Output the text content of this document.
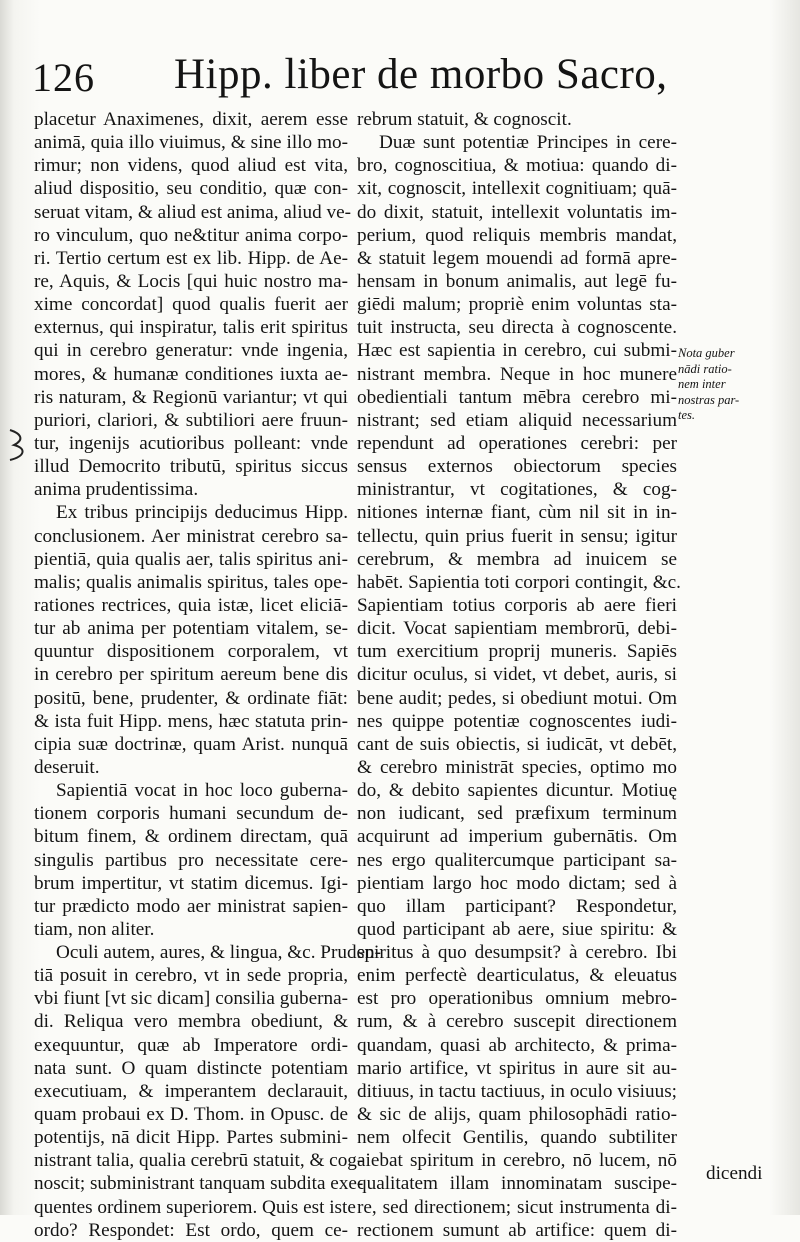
126 Hipp. liber de morbo Sacro,
placetur Anaximenes, dixit, aerem esse
animā, quia illo viuimus, & sine illo mo-
rimur; non videns, quod aliud est vita,
aliud dispositio, seu conditio, quæ con-
seruat vitam, & aliud est anima, aliud ve-
ro vinculum, quo ne&titur anima corpo-
ri. Tertio certum est ex lib. Hipp. de Ae-
re, Aquis, & Locis [qui huic nostro ma-
xime concordat] quod qualis fuerit aer
externus, qui inspiratur, talis erit spiritus
qui in cerebro generatur: vnde ingenia,
mores, & humanæ conditiones iuxta ae-
ris naturam, & Regionū variantur; vt qui
puriori, clariori, & subtiliori aere fruun-
tur, ingenijs acutioribus polleant: vnde
illud Democrito tributū, spiritus siccus
anima prudentissima.
Ex tribus principijs deducimus Hipp.
conclusionem. Aer ministrat cerebro sa-
pientiā, quia qualis aer, talis spiritus ani-
malis; qualis animalis spiritus, tales ope-
rationes rectrices, quia istæ, licet eliciā-
tur ab anima per potentiam vitalem, se-
quuntur dispositionem corporalem, vt
in cerebro per spiritum aereum bene dis
positū, bene, prudenter, & ordinate fiāt:
& ista fuit Hipp. mens, hæc statuta prin-
cipia suæ doctrinæ, quam Arist. nunquā
deseruit.
Sapientiā vocat in hoc loco guberna-
tionem corporis humani secundum de-
bitum finem, & ordinem directam, quā
singulis partibus pro necessitate cere-
brum impertitur, vt statim dicemus. Igi-
tur prædicto modo aer ministrat sapien-
tiam, non aliter.
Oculi autem, aures, & lingua, &c. Pruden-
tiā posuit in cerebro, vt in sede propria,
vbi fiunt [vt sic dicam] consilia guberna-
di. Reliqua vero membra obediunt, &
exequuntur, quæ ab Imperatore ordi-
nata sunt. O quam distincte potentiam
executiuam, & imperantem declarauit,
quam probaui ex D. Thom. in Opusc. de
potentijs, nā dicit Hipp. Partes submini-
nistrant talia, qualia cerebrū statuit, & cog-
noscit; subministrant tanquam subdita exe-
quentes ordinem superiorem. Quis est iste
ordo? Respondet: Est ordo, quem ce-
rebrum statuit, & cognoscit.
Duæ sunt potentiæ Principes in cere-
bro, cognoscitiua, & motiua: quando di-
xit, cognoscit, intellexit cognitiuam; quā-
do dixit, statuit, intellexit voluntatis im-
perium, quod reliquis membris mandat,
& statuit legem mouendi ad formā apre-
hensam in bonum animalis, aut legē fu-
giēdi malum; propriè enim voluntas sta-
tuit instructa, seu directa à cognoscente.
Hæc est sapientia in cerebro, cui submi-
nistrant membra. Neque in hoc munere
obedientiali tantum mēbra cerebro mi-
nistrant; sed etiam aliquid necessarium
rependunt ad operationes cerebri: per
sensus externos obiectorum species
ministrantur, vt cogitationes, & cog-
nitiones internæ fiant, cùm nil sit in in-
tellectu, quin prius fuerit in sensu; igitur
cerebrum, & membra ad inuicem se
habēt. Sapientia toti corpori contingit, &c.
Sapientiam totius corporis ab aere fieri
dicit. Vocat sapientiam membrorū, debi-
tum exercitium proprij muneris. Sapiēs
dicitur oculus, si videt, vt debet, auris, si
bene audit; pedes, si obediunt motui. Om
nes quippe potentiæ cognoscentes iudi-
cant de suis obiectis, si iudicāt, vt debēt,
& cerebro ministrāt species, optimo mo
do, & debito sapientes dicuntur. Motiuę
non iudicant, sed præfixum terminum
acquirunt ad imperium gubernātis. Om
nes ergo qualitercumque participant sa-
pientiam largo hoc modo dictam; sed à
quo illam participant? Respondetur,
quod participant ab aere, siue spiritu: &
spiritus à quo desumpsit? à cerebro. Ibi
enim perfectè dearticulatus, & eleuatus
est pro operationibus omnium mebro-
rum, & à cerebro suscepit directionem
quandam, quasi ab architecto, & prima-
mario artifice, vt spiritus in aure sit au-
ditiuus, in tactu tactiuus, in oculo visiuus;
& sic de alijs, quam philosophādi ratio-
nem olfecit Gentilis, quando subtiliter
aiebat spiritum in cerebro, nō lucem, nō
qualitatem illam innominatam suscipe-
re, sed directionem; sicut instrumenta di-
rectionem sumunt ab artifice: quem di-
Nota guber
nādi ratio-
nem inter
nostras par-
tes.
dicendi
